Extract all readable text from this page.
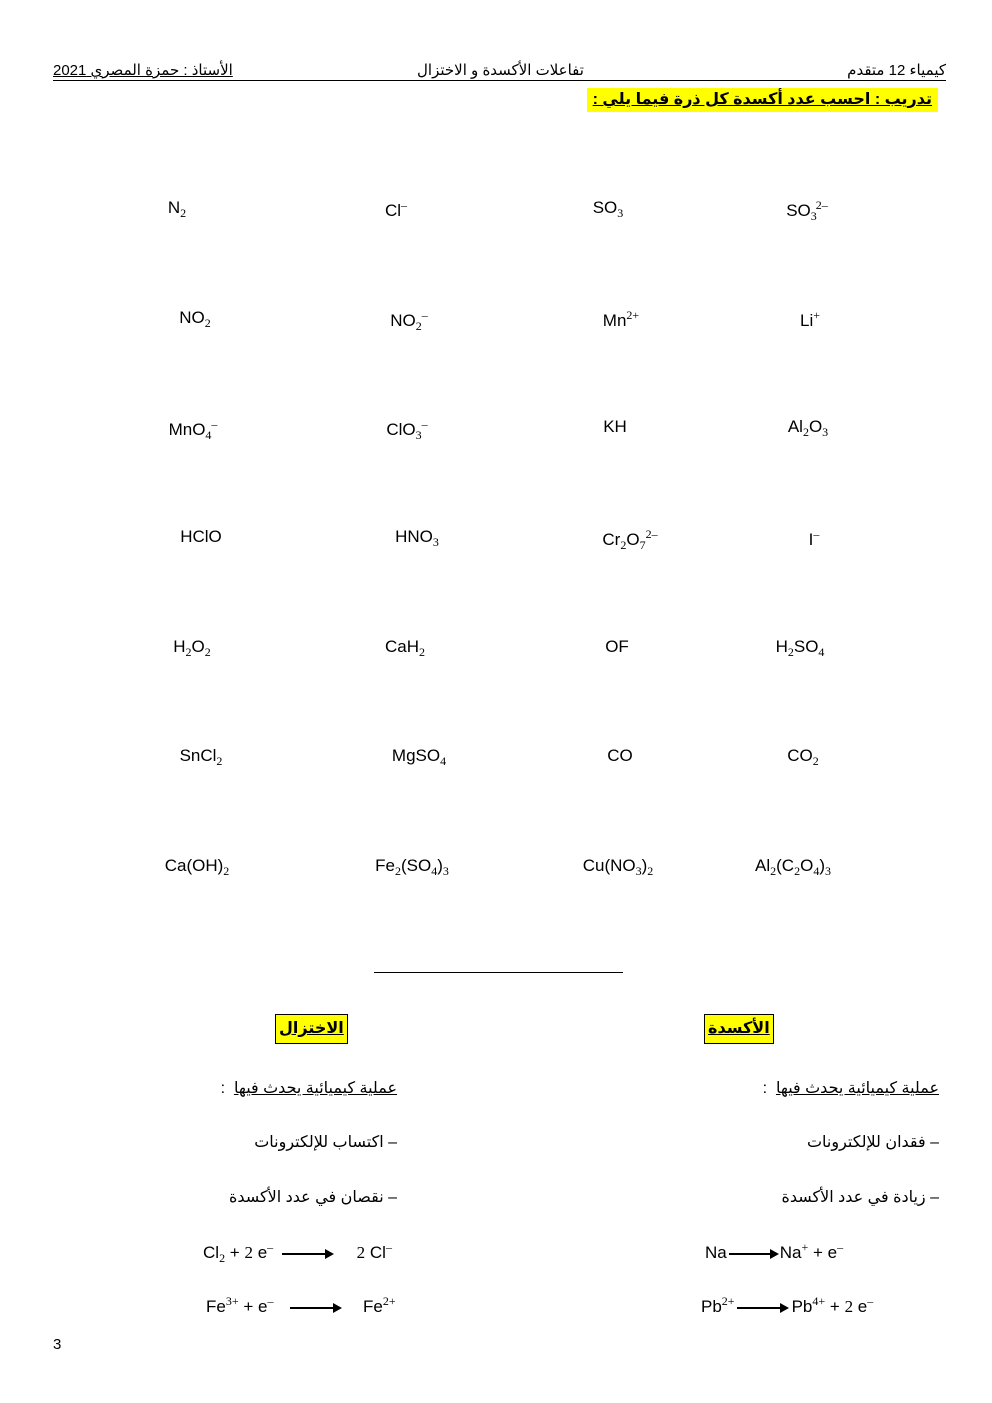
كيمياء 12 متقدم
تفاعلات الأكسدة و الاختزال
الأستاذ : حمزة المصري 2021
تدريب : احسب عدد أكسدة كل ذرة فيما يلي :
$N_2$	Cl–	$SO_3$	$SO_3^{2-}$
$NO_2$	$NO_2^-$	$Mn^{2+}$	Li+
MnO$_4$–	ClO$_3$–	KH	$Al_2O_3$
HClO	$HNO_3$	$Cr_2O_7^{2-}$	I–
$H_2O_2$	CaH$_2$	OF	$H_2SO_4$
SnCl$_2$	MgSO$_4$	CO	$CO_2$
$Ca(OH)_2$	$Fe_2(SO_4)_3$	$Cu(NO_3)_2$	$Al_2(C_2O_4)_3$
الاختزال
عملية كيميائية يحدث فيها  :
– اكتساب للإلكترونات
– نقصان في عدد الأكسدة
$Cl_2 + 2$ e–	2 Cl–
$Fe^{3+} + e^-$	$Fe^{2+}$
الأكسدة
عملية كيميائية يحدث فيها  :
– فقدان للإلكترونات
– زيادة في عدد الأكسدة
Na	Na+ + e–
$Pb^{2+}$	$Pb^{4+} + 2$ e–
3
